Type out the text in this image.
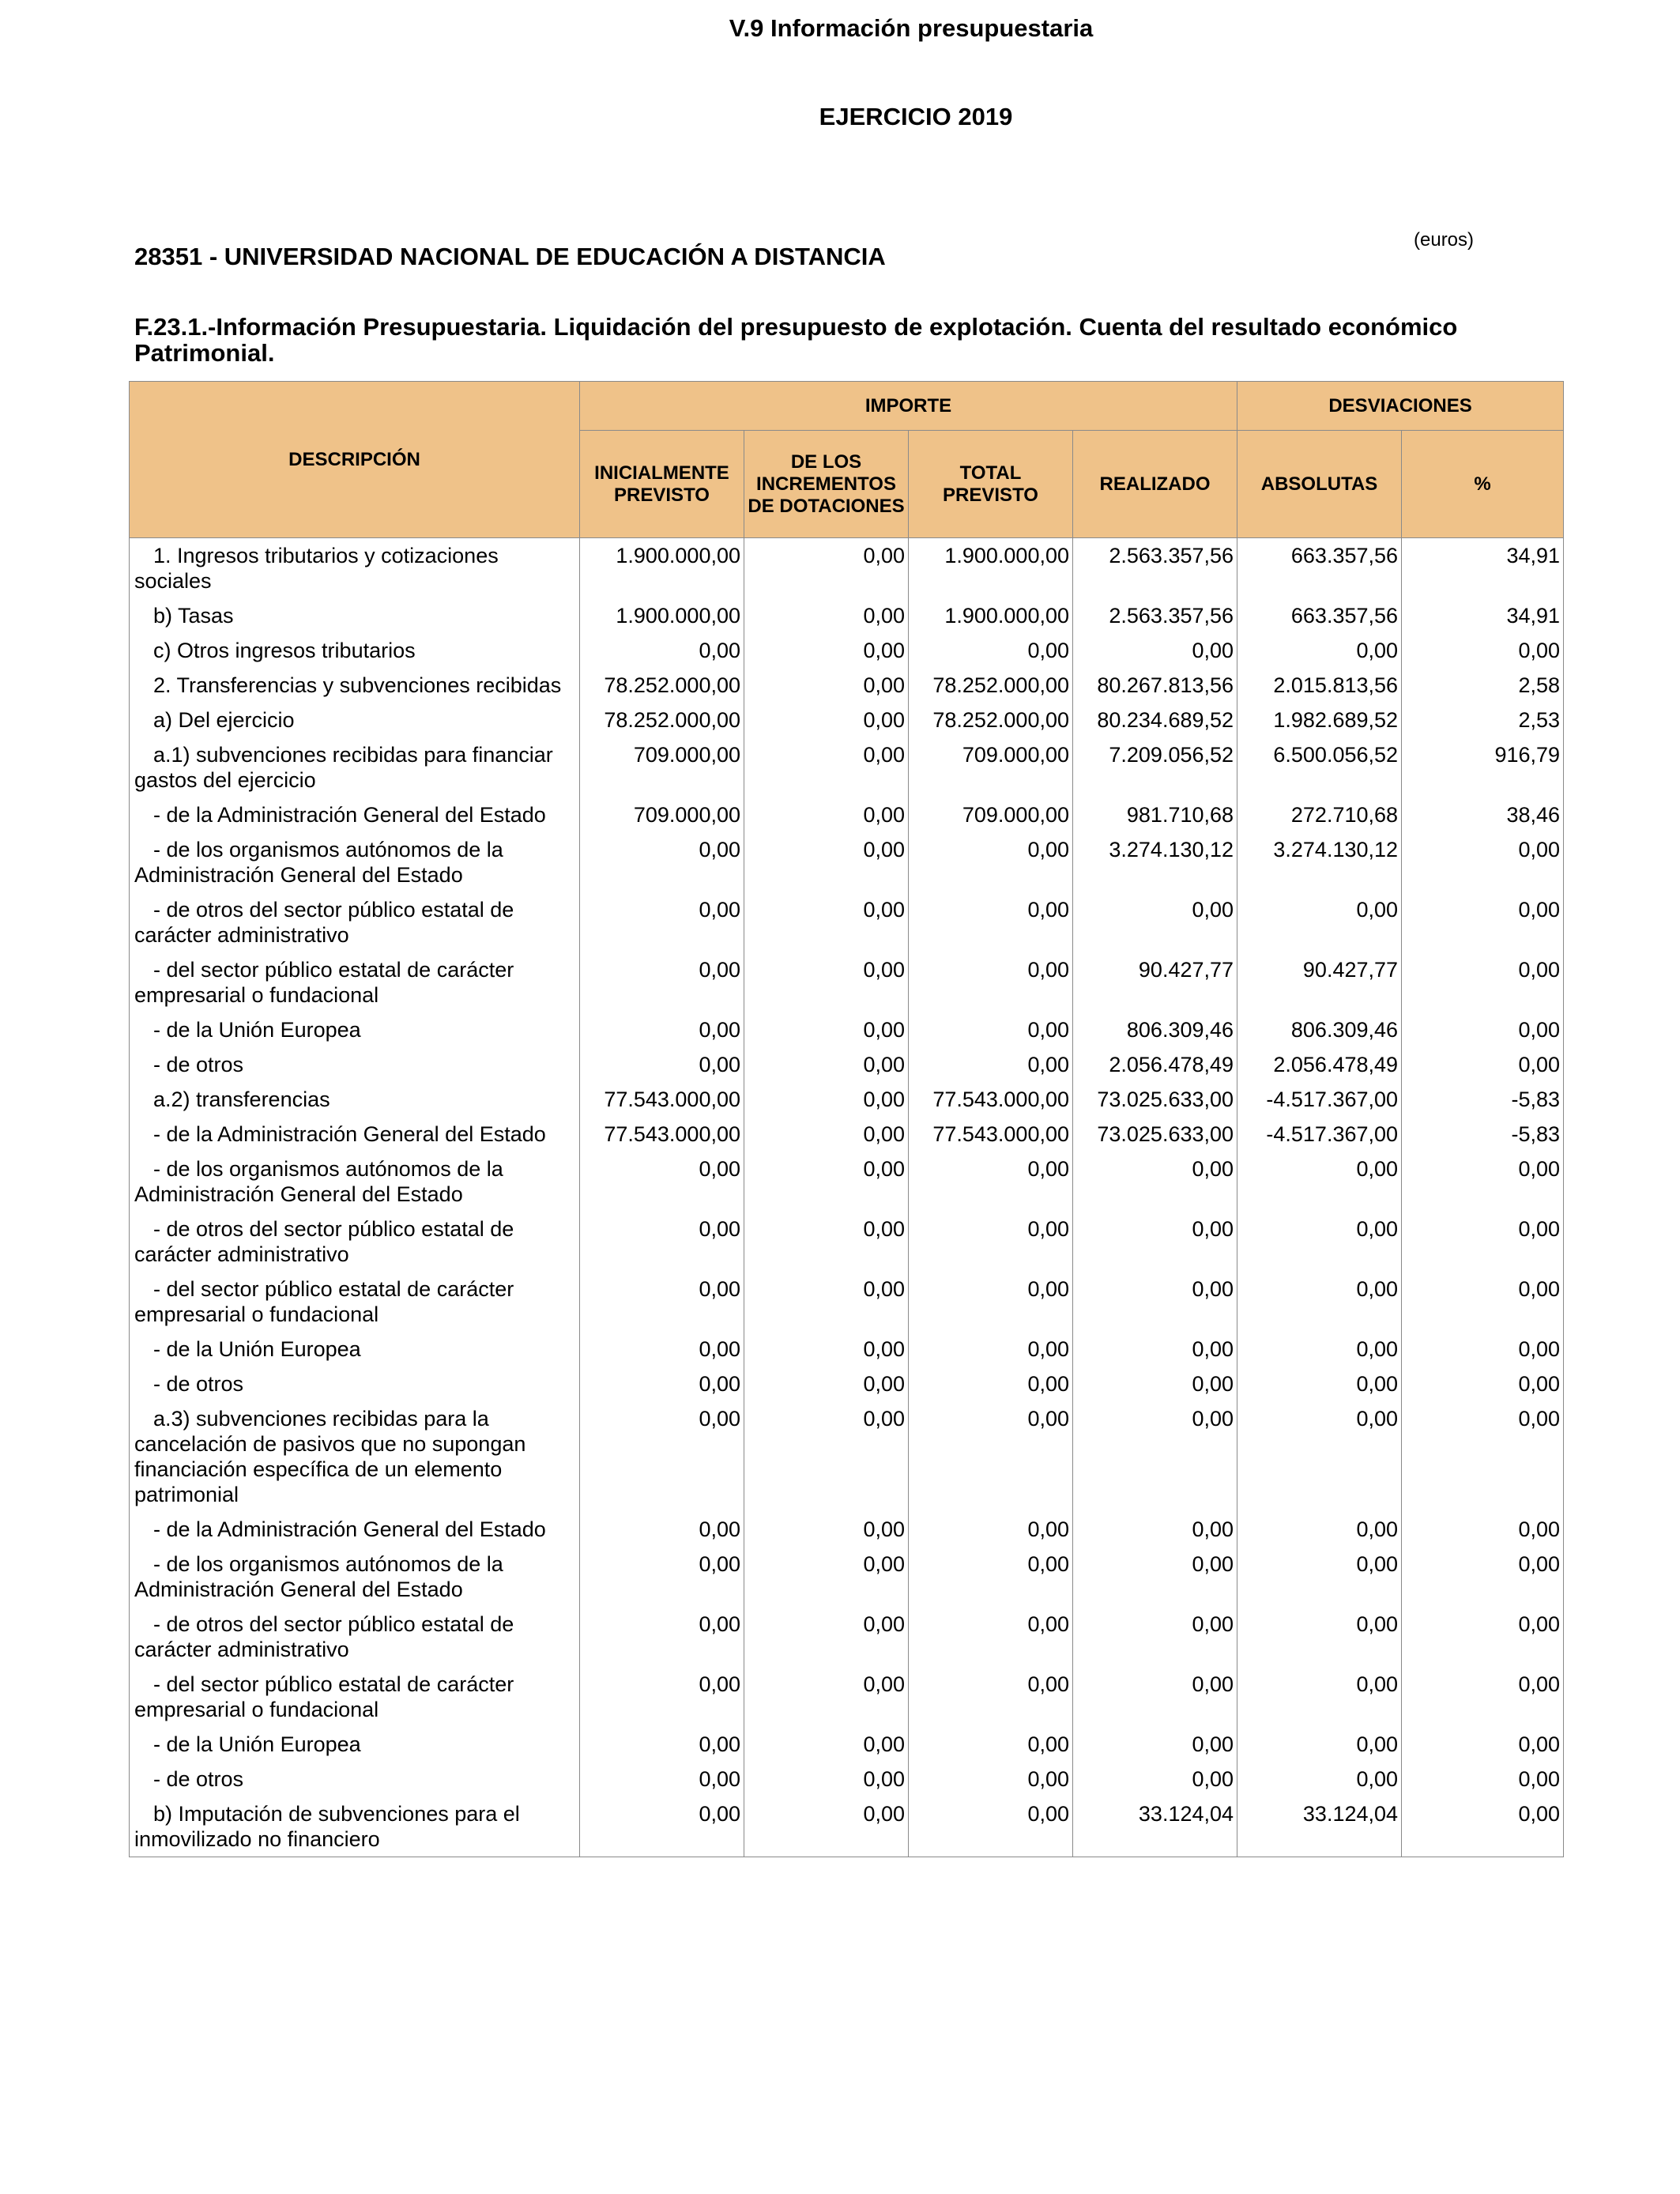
V.9 Información presupuestaria
EJERCICIO 2019
(euros)
28351 - UNIVERSIDAD NACIONAL DE EDUCACIÓN A DISTANCIA
F.23.1.-Información Presupuestaria. Liquidación del presupuesto de explotación. Cuenta del resultado económico Patrimonial.
DESCRIPCIÓN	IMPORTE				DESVIACIONES	
	INICIALMENTE PREVISTO	DE LOS INCREMENTOS DE DOTACIONES	TOTAL PREVISTO	REALIZADO	ABSOLUTAS	%
1. Ingresos tributarios y cotizaciones sociales	1.900.000,00	0,00	1.900.000,00	2.563.357,56	663.357,56	34,91
b) Tasas	1.900.000,00	0,00	1.900.000,00	2.563.357,56	663.357,56	34,91
c) Otros ingresos tributarios	0,00	0,00	0,00	0,00	0,00	0,00
2. Transferencias y subvenciones recibidas	78.252.000,00	0,00	78.252.000,00	80.267.813,56	2.015.813,56	2,58
a) Del ejercicio	78.252.000,00	0,00	78.252.000,00	80.234.689,52	1.982.689,52	2,53
a.1) subvenciones recibidas para financiar gastos del ejercicio	709.000,00	0,00	709.000,00	7.209.056,52	6.500.056,52	916,79
- de la Administración General del Estado	709.000,00	0,00	709.000,00	981.710,68	272.710,68	38,46
- de los organismos autónomos de la Administración General del Estado	0,00	0,00	0,00	3.274.130,12	3.274.130,12	0,00
- de otros del sector público estatal de carácter administrativo	0,00	0,00	0,00	0,00	0,00	0,00
- del sector público estatal de carácter empresarial o fundacional	0,00	0,00	0,00	90.427,77	90.427,77	0,00
- de la Unión Europea	0,00	0,00	0,00	806.309,46	806.309,46	0,00
- de otros	0,00	0,00	0,00	2.056.478,49	2.056.478,49	0,00
a.2) transferencias	77.543.000,00	0,00	77.543.000,00	73.025.633,00	-4.517.367,00	-5,83
- de la Administración General del Estado	77.543.000,00	0,00	77.543.000,00	73.025.633,00	-4.517.367,00	-5,83
- de los organismos autónomos de la Administración General del Estado	0,00	0,00	0,00	0,00	0,00	0,00
- de otros del sector público estatal de carácter administrativo	0,00	0,00	0,00	0,00	0,00	0,00
- del sector público estatal de carácter empresarial o fundacional	0,00	0,00	0,00	0,00	0,00	0,00
- de la Unión Europea	0,00	0,00	0,00	0,00	0,00	0,00
- de otros	0,00	0,00	0,00	0,00	0,00	0,00
a.3) subvenciones recibidas para la cancelación de pasivos que no supongan financiación específica de un elemento patrimonial	0,00	0,00	0,00	0,00	0,00	0,00
- de la Administración General del Estado	0,00	0,00	0,00	0,00	0,00	0,00
- de los organismos autónomos de la Administración General del Estado	0,00	0,00	0,00	0,00	0,00	0,00
- de otros del sector público estatal de carácter administrativo	0,00	0,00	0,00	0,00	0,00	0,00
- del sector público estatal de carácter empresarial o fundacional	0,00	0,00	0,00	0,00	0,00	0,00
- de la Unión Europea	0,00	0,00	0,00	0,00	0,00	0,00
- de otros	0,00	0,00	0,00	0,00	0,00	0,00
b) Imputación de subvenciones para el inmovilizado no financiero	0,00	0,00	0,00	33.124,04	33.124,04	0,00
